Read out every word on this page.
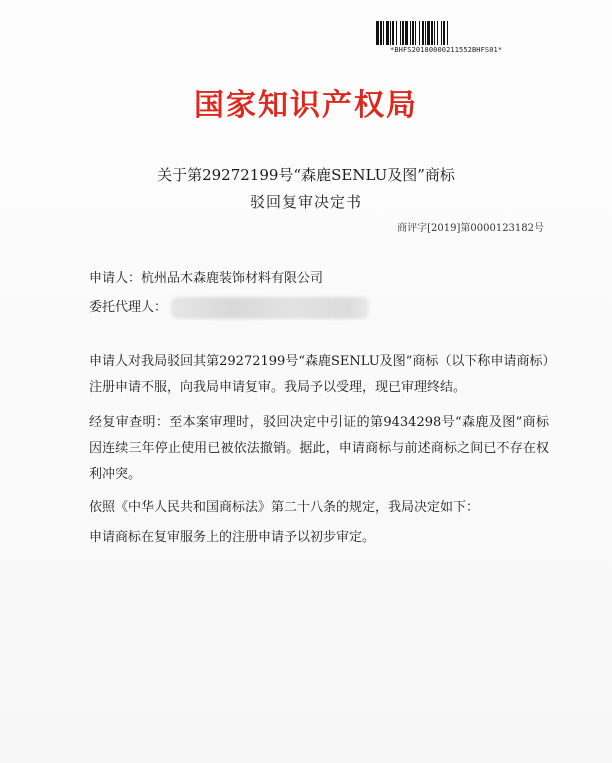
*BHFS20180000211552BHFS01*
国家知识产权局
关于第29272199号“森鹿SENLU及图”商标
驳回复审决定书
商评字[2019]第0000123182号
申请人：杭州品木森鹿装饰材料有限公司
委托代理人：
申请人对我局驳回其第29272199号“森鹿SENLU及图”商标（以下称申请商标）注册申请不服，向我局申请复审。我局予以受理，现已审理终结。
经复审查明：至本案审理时，驳回决定中引证的第9434298号“森鹿及图”商标因连续三年停止使用已被依法撤销。据此，申请商标与前述商标之间已不存在权利冲突。
依照《中华人民共和国商标法》第二十八条的规定，我局决定如下：
申请商标在复审服务上的注册申请予以初步审定。
